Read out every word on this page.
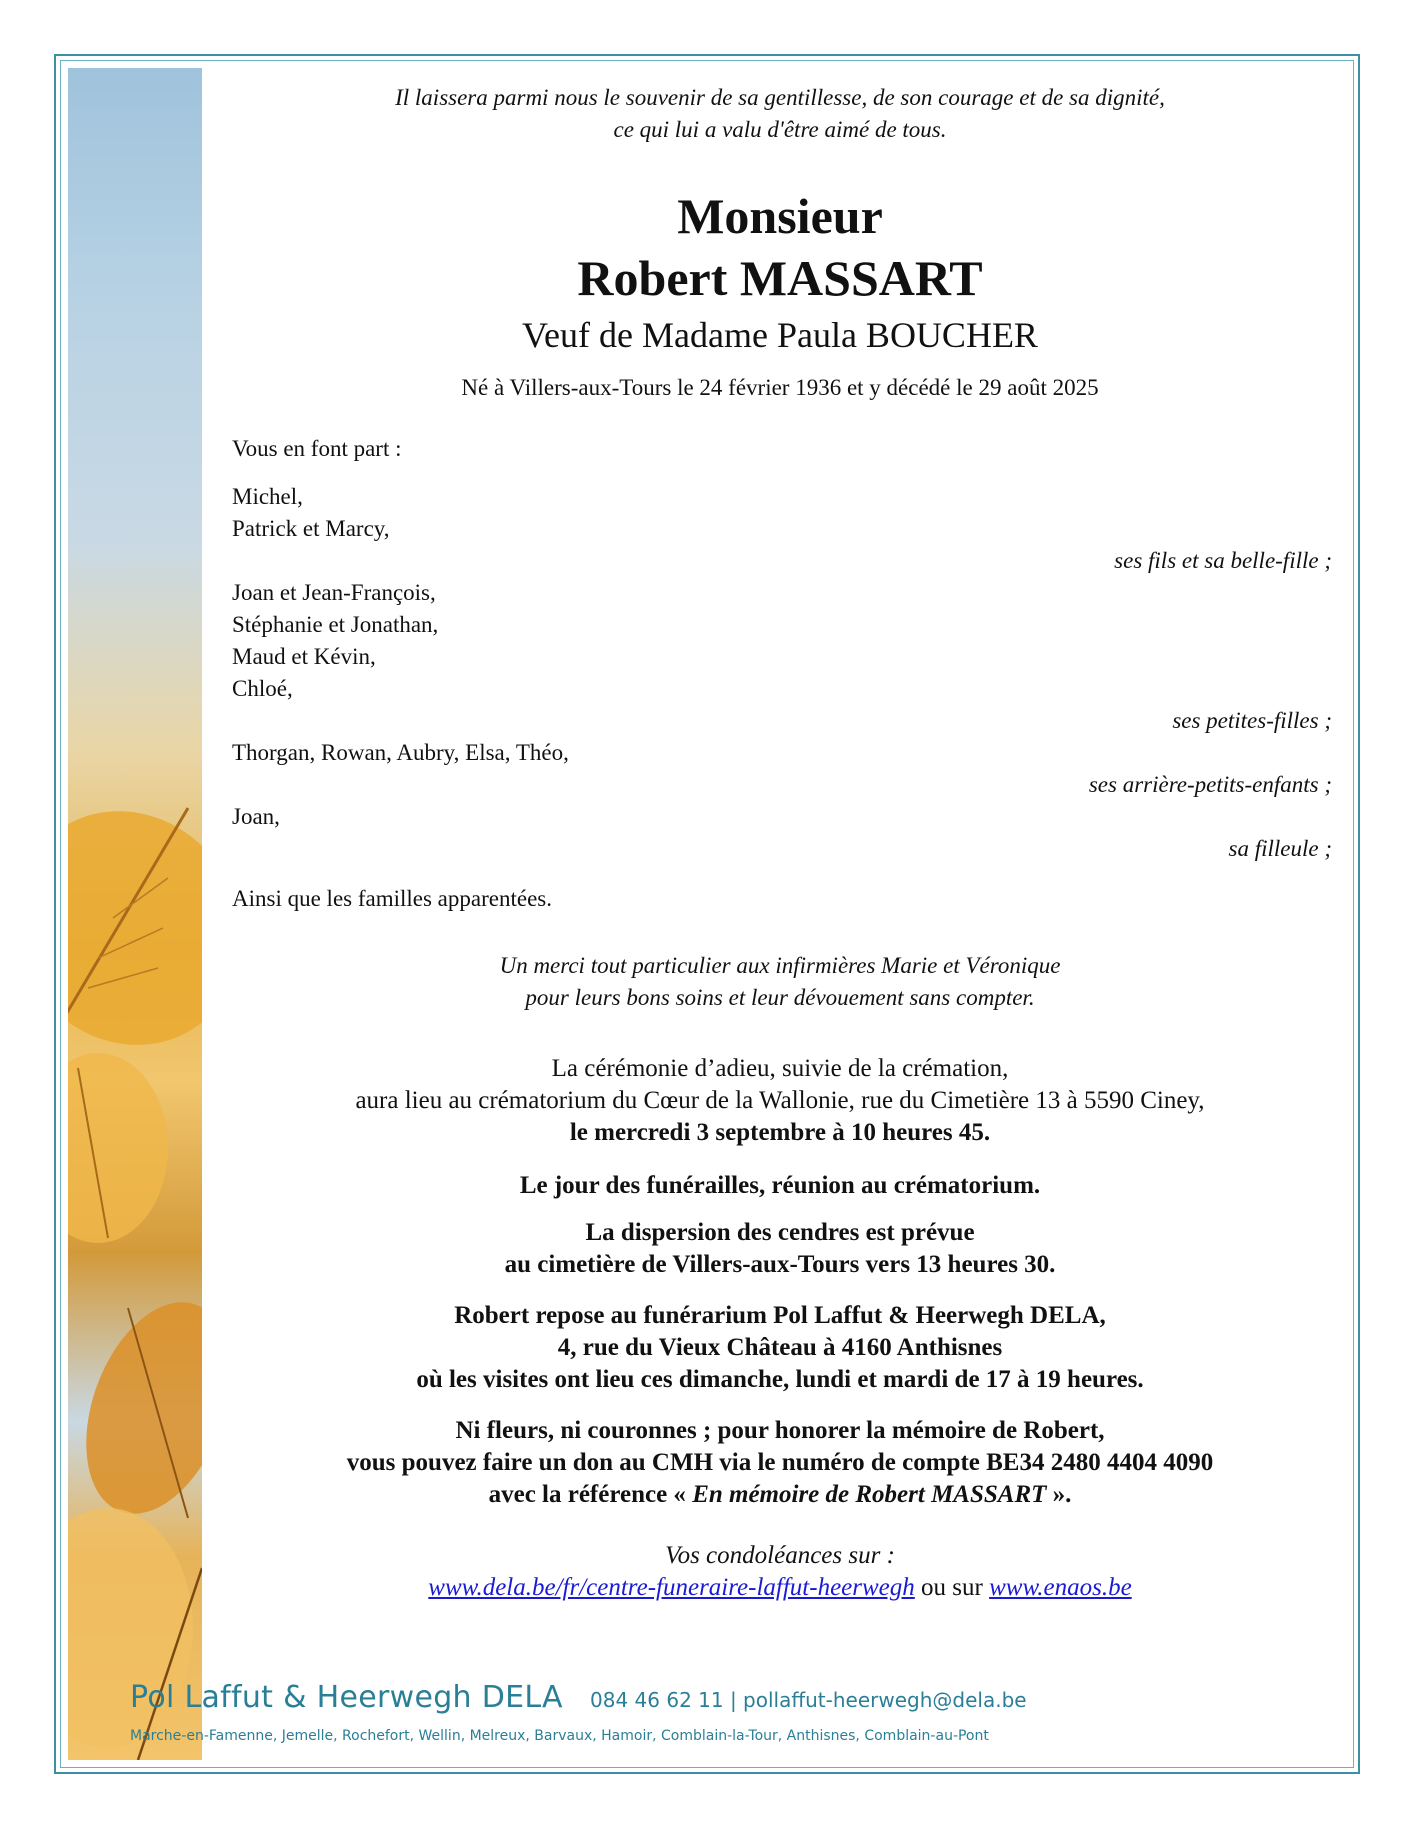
Il laissera parmi nous le souvenir de sa gentillesse, de son courage et de sa dignité,
ce qui lui a valu d'être aimé de tous.
Monsieur
Robert MASSART
Veuf de Madame Paula BOUCHER
Né à Villers-aux-Tours le 24 février 1936 et y décédé le 29 août 2025
Vous en font part :
Michel,
Patrick et Marcy,
ses fils et sa belle-fille ;
Joan et Jean-François,
Stéphanie et Jonathan,
Maud et Kévin,
Chloé,
ses petites-filles ;
Thorgan, Rowan, Aubry, Elsa, Théo,
ses arrière-petits-enfants ;
Joan,
sa filleule ;
Ainsi que les familles apparentées.
Un merci tout particulier aux infirmières Marie et Véronique
pour leurs bons soins et leur dévouement sans compter.
La cérémonie d’adieu, suivie de la crémation,
aura lieu au crématorium du Cœur de la Wallonie, rue du Cimetière 13 à 5590 Ciney,
le mercredi 3 septembre à 10 heures 45.
Le jour des funérailles, réunion au crématorium.
La dispersion des cendres est prévue
au cimetière de Villers-aux-Tours vers 13 heures 30.
Robert repose au funérarium Pol Laffut & Heerwegh DELA,
4, rue du Vieux Château à 4160 Anthisnes
où les visites ont lieu ces dimanche, lundi et mardi de 17 à 19 heures.
Ni fleurs, ni couronnes ; pour honorer la mémoire de Robert,
vous pouvez faire un don au CMH via le numéro de compte BE34 2480 4404 4090
avec la référence « En mémoire de Robert MASSART ».
Vos condoléances sur :
www.dela.be/fr/centre-funeraire-laffut-heerwegh ou sur www.enaos.be
Pol Laffut & Heerwegh DELA 084 46 62 11 | pollaffut-heerwegh@dela.be
Marche-en-Famenne, Jemelle, Rochefort, Wellin, Melreux, Barvaux, Hamoir, Comblain-la-Tour, Anthisnes, Comblain-au-Pont
